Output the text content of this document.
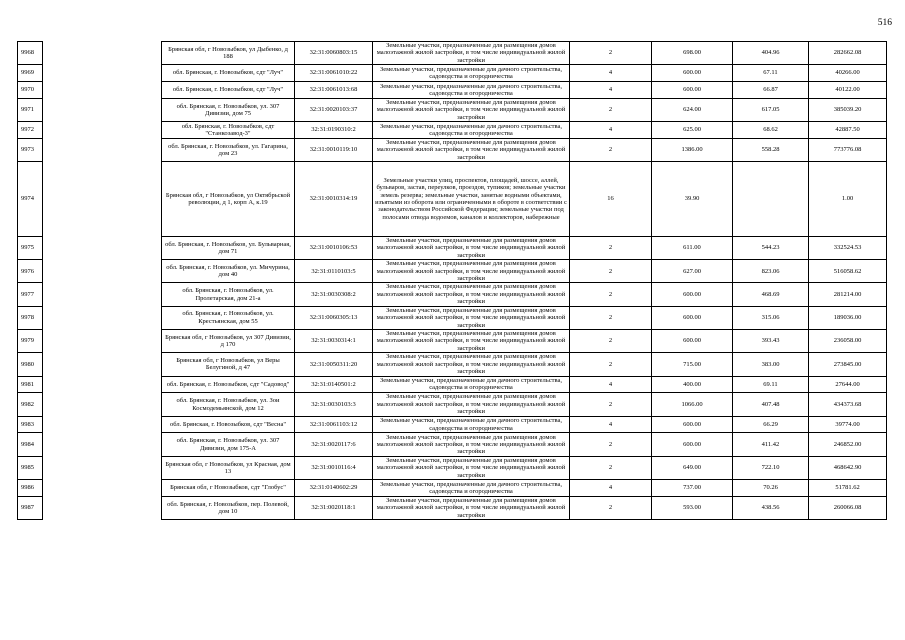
516
9968		Брянская обл, г Новозыбков, ул Дыбенко, д 188	32:31:0060803:15	Земельные участки, предназначенные для размещения домов малоэтажной жилой застройки, в том числе индивидуальной жилой застройки	2	698.00	404.96	282662.08
9969		обл. Брянская, г. Новозыбков, сдт "Луч"	32:31:0061010:22	Земельные участки, предназначенные для дачного строительства, садоводства и огородничества	4	600.00	67.11	40266.00
9970		обл. Брянская, г. Новозыбков, сдт "Луч"	32:31:0061013:68	Земельные участки, предназначенные для дачного строительства, садоводства и огородничества	4	600.00	66.87	40122.00
9971		обл. Брянская, г. Новозыбков, ул. 307 Дивизии, дом 75	32:31:0020103:37	Земельные участки, предназначенные для размещения домов малоэтажной жилой застройки, в том числе индивидуальной жилой застройки	2	624.00	617.05	385039.20
9972		обл. Брянская, г. Новозыбков, сдт "Станкозавод-3"	32:31:0190310:2	Земельные участки, предназначенные для дачного строительства, садоводства и огородничества	4	625.00	68.62	42887.50
9973		обл. Брянская, г. Новозыбков, ул. Гагарина, дом 23	32:31:0010119:10	Земельные участки, предназначенные для размещения домов малоэтажной жилой застройки, в том числе индивидуальной жилой застройки	2	1386.00	558.28	773776.08
9974		Брянская обл, г Новозыбков, ул Октябрьской революции, д 1, корп А, к.19	32:31:0010314:19	Земельные участки улиц, проспектов, площадей, шоссе, аллей, бульваров, застав, переулков, проездов, тупиков; земельные участки земель резерва; земельные участки, занятые водными объектами, изъятыми из оборота или ограниченными в обороте в соответствии с законодательством Российской Федерации; земельные участки под полосами отвода водоемов, каналов и коллекторов, набережные	16	39.90		1.00
9975		обл. Брянская, г. Новозыбков, ул. Бульварная, дом 71	32:31:0010106:53	Земельные участки, предназначенные для размещения домов малоэтажной жилой застройки, в том числе индивидуальной жилой застройки	2	611.00	544.23	332524.53
9976		обл. Брянская, г. Новозыбков, ул. Мичурина, дом 40	32:31:0110103:5	Земельные участки, предназначенные для размещения домов малоэтажной жилой застройки, в том числе индивидуальной жилой застройки	2	627.00	823.06	516058.62
9977		обл. Брянская, г. Новозыбков, ул. Пролетарская, дом 21-а	32:31:0030308:2	Земельные участки, предназначенные для размещения домов малоэтажной жилой застройки, в том числе индивидуальной жилой застройки	2	600.00	468.69	281214.00
9978		обл. Брянская, г. Новозыбков, ул. Крестьянская, дом 55	32:31:0060305:13	Земельные участки, предназначенные для размещения домов малоэтажной жилой застройки, в том числе индивидуальной жилой застройки	2	600.00	315.06	189036.00
9979		Брянская обл, г Новозыбков, ул 307 Дивизии, д 170	32:31:0030314:1	Земельные участки, предназначенные для размещения домов малоэтажной жилой застройки, в том числе индивидуальной жилой застройки	2	600.00	393.43	236058.00
9980		Брянская обл, г Новозыбков, ул Веры Белугиной, д 47	32:31:0050311:20	Земельные участки, предназначенные для размещения домов малоэтажной жилой застройки, в том числе индивидуальной жилой застройки	2	715.00	383.00	273845.00
9981		обл. Брянская, г. Новозыбков, сдт "Садовод"	32:31:0140501:2	Земельные участки, предназначенные для дачного строительства, садоводства и огородничества	4	400.00	69.11	27644.00
9982		обл. Брянская, г. Новозыбков, ул. Зои Космодемьянской, дом 12	32:31:0030103:3	Земельные участки, предназначенные для размещения домов малоэтажной жилой застройки, в том числе индивидуальной жилой застройки	2	1066.00	407.48	434373.68
9983		обл. Брянская, г. Новозыбков, сдт "Весна"	32:31:0061103:12	Земельные участки, предназначенные для дачного строительства, садоводства и огородничества	4	600.00	66.29	39774.00
9984		обл. Брянская, г. Новозыбков, ул. 307 Дивизии, дом 175-А	32:31:0020117:6	Земельные участки, предназначенные для размещения домов малоэтажной жилой застройки, в том числе индивидуальной жилой застройки	2	600.00	411.42	246852.00
9985		Брянская обл, г Новозыбков, ул Красная, дом 13	32:31:0010116:4	Земельные участки, предназначенные для размещения домов малоэтажной жилой застройки, в том числе индивидуальной жилой застройки	2	649.00	722.10	468642.90
9986		Брянская обл, г Новозыбков, сдт "Глобус"	32:31:0140602:29	Земельные участки, предназначенные для дачного строительства, садоводства и огородничества	4	737.00	70.26	51781.62
9987		обл. Брянская, г. Новозыбков, пер. Полевой, дом 10	32:31:0020118:1	Земельные участки, предназначенные для размещения домов малоэтажной жилой застройки, в том числе индивидуальной жилой застройки	2	593.00	438.56	260066.08
